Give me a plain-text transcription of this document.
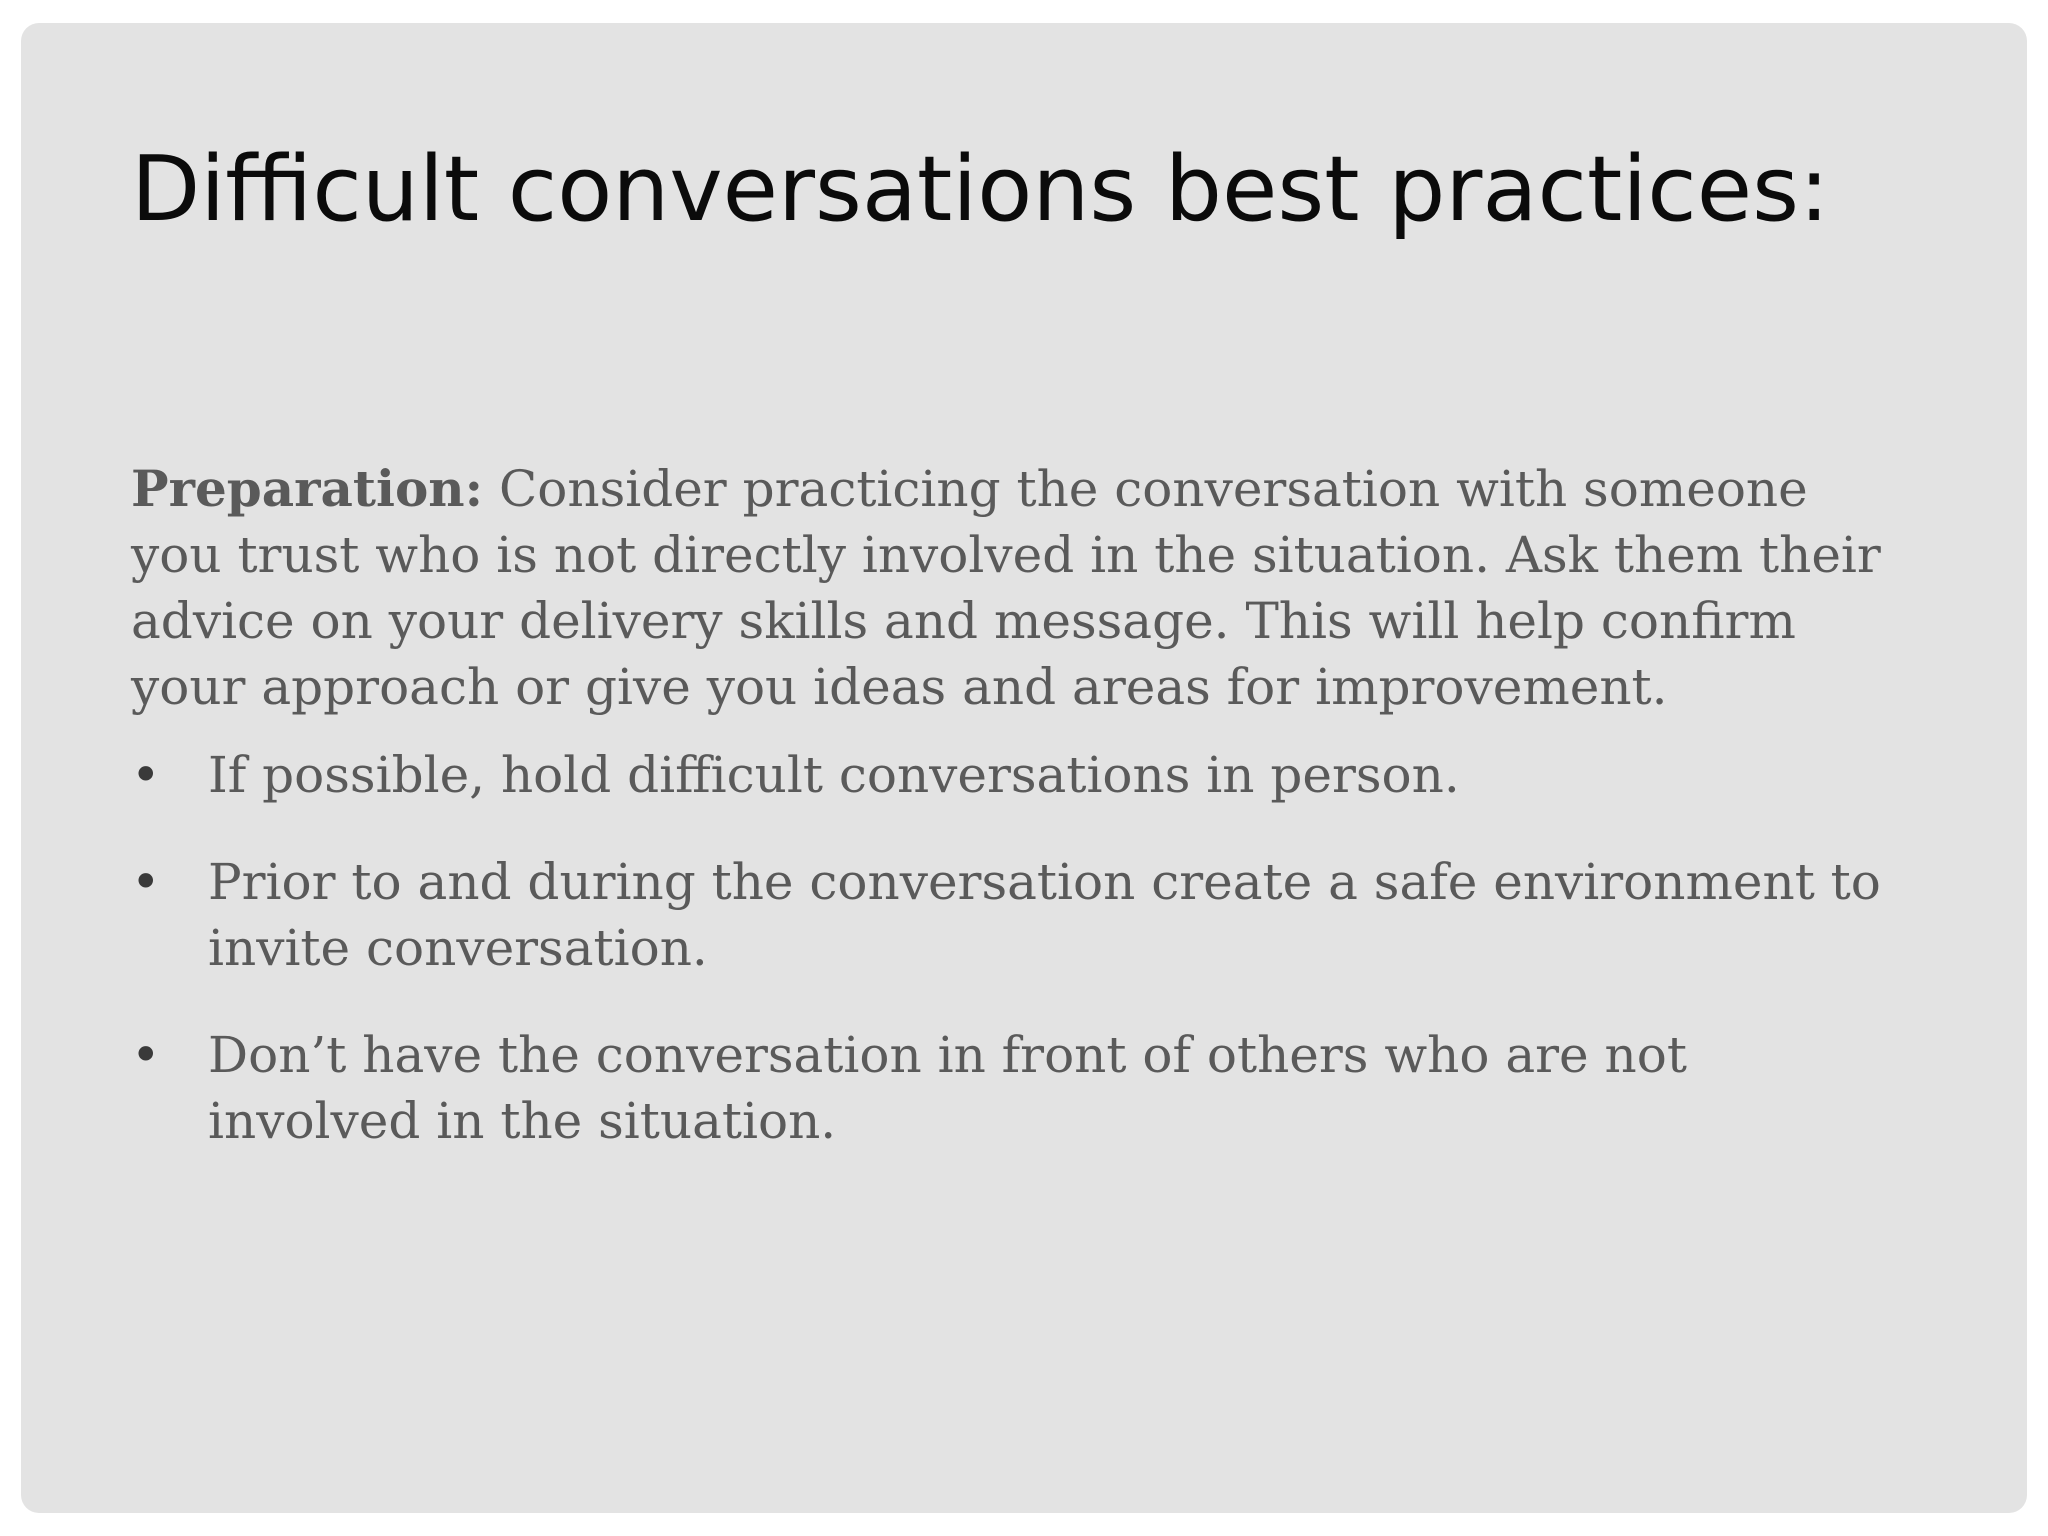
Difficult conversations best practices:

Preparation: Consider practicing the conversation with someone you trust who is not directly involved in the situation. Ask them their advice on your delivery skills and message. This will help confirm your approach or give you ideas and areas for improvement.

• If possible, hold difficult conversations in person.
• Prior to and during the conversation create a safe environment to invite conversation.
• Don’t have the conversation in front of others who are not involved in the situation.
